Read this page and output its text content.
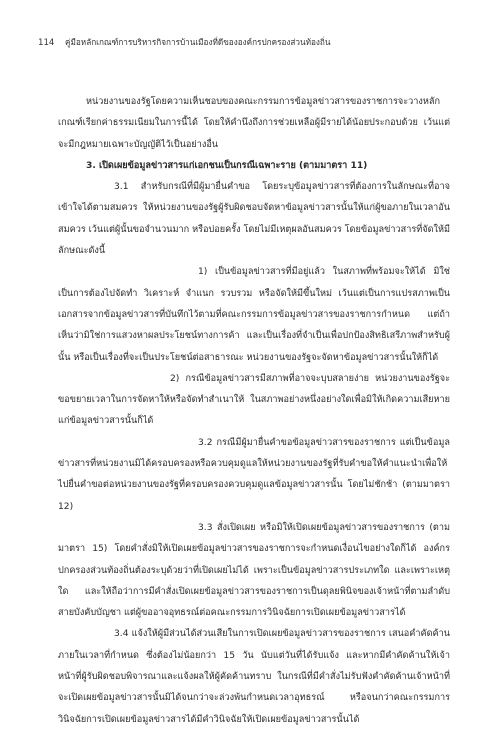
114 คู่มือหลักเกณฑ์การบริหารกิจการบ้านเมืองที่ดีขององค์กรปกครองส่วนท้องถิ่น

หน่วยงานของรัฐโดยความเห็นชอบของคณะกรรมการข้อมูลข่าวสารของราชการจะวางหลักเกณฑ์เรียกค่าธรรมเนียมในการนี้ได้ โดยให้คำนึงถึงการช่วยเหลือผู้มีรายได้น้อยประกอบด้วย เว้นแต่จะมีกฎหมายเฉพาะบัญญัติไว้เป็นอย่างอื่น

3. เปิดเผยข้อมูลข่าวสารแก่เอกชนเป็นกรณีเฉพาะราย (ตามมาตรา 11)

3.1 สำหรับกรณีที่มีผู้มายื่นคำขอ โดยระบุข้อมูลข่าวสารที่ต้องการในลักษณะที่อาจเข้าใจได้ตามสมควร ให้หน่วยงานของรัฐผู้รับผิดชอบจัดหาข้อมูลข่าวสารนั้นให้แก่ผู้ขอภายในเวลาอันสมควร เว้นแต่ผู้นั้นขอจำนวนมาก หรือบ่อยครั้ง โดยไม่มีเหตุผลอันสมควร โดยข้อมูลข่าวสารที่จัดให้มีลักษณะดังนี้

1) เป็นข้อมูลข่าวสารที่มีอยู่แล้ว ในสภาพที่พร้อมจะให้ได้ มิใช่เป็นการต้องไปจัดทำ วิเคราะห์ จำแนก รวบรวม หรือจัดให้มีขึ้นใหม่ เว้นแต่เป็นการแปรสภาพเป็นเอกสารจากข้อมูลข่าวสารที่บันทึกไว้ตามที่คณะกรรมการข้อมูลข่าวสารของราชการกำหนด แต่ถ้าเห็นว่ามิใช่การแสวงหาผลประโยชน์ทางการค้า และเป็นเรื่องที่จำเป็นเพื่อปกป้องสิทธิเสรีภาพสำหรับผู้นั้น หรือเป็นเรื่องที่จะเป็นประโยชน์ต่อสาธารณะ หน่วยงานของรัฐจะจัดหาข้อมูลข่าวสารนั้นให้ก็ได้

2) กรณีข้อมูลข่าวสารมีสภาพที่อาจจะบุบสลายง่าย หน่วยงานของรัฐจะขอขยายเวลาในการจัดหาให้หรือจัดทำสำเนาให้ ในสภาพอย่างหนึ่งอย่างใดเพื่อมิให้เกิดความเสียหายแก่ข้อมูลข่าวสารนั้นก็ได้

3.2 กรณีมีผู้มายื่นคำขอข้อมูลข่าวสารของราชการ แต่เป็นข้อมูลข่าวสารที่หน่วยงานมิได้ครอบครองหรือควบคุมดูแลให้หน่วยงานของรัฐที่รับคำขอให้คำแนะนำเพื่อให้ไปยื่นคำขอต่อหน่วยงานของรัฐที่ครอบครองควบคุมดูแลข้อมูลข่าวสารนั้น โดยไม่ชักช้า (ตามมาตรา 12)

3.3 สั่งเปิดเผย หรือมิให้เปิดเผยข้อมูลข่าวสารของราชการ (ตามมาตรา 15) โดยคำสั่งมิให้เปิดเผยข้อมูลข่าวสารของราชการจะกำหนดเงื่อนไขอย่างใดก็ได้ องค์กรปกครองส่วนท้องถิ่นต้องระบุด้วยว่าที่เปิดเผยไม่ได้ เพราะเป็นข้อมูลข่าวสารประเภทใด และเพราะเหตุใด และให้ถือว่าการมีคำสั่งเปิดเผยข้อมูลข่าวสารของราชการเป็นดุลยพินิจของเจ้าหน้าที่ตามลำดับสายบังคับบัญชา แต่ผู้ขออาจอุทธรณ์ต่อคณะกรรมการวินิจฉัยการเปิดเผยข้อมูลข่าวสารได้

3.4 แจ้งให้ผู้มีส่วนได้ส่วนเสียในการเปิดเผยข้อมูลข่าวสารของราชการ เสนอคำคัดค้านภายในเวลาที่กำหนด ซึ่งต้องไม่น้อยกว่า 15 วัน นับแต่วันที่ได้รับแจ้ง และหากมีคำคัดค้านให้เจ้าหน้าที่ผู้รับผิดชอบพิจารณาและแจ้งผลให้ผู้คัดค้านทราบ ในกรณีที่มีคำสั่งไม่รับฟังคำคัดค้านเจ้าหน้าที่จะเปิดเผยข้อมูลข่าวสารนั้นมิได้จนกว่าจะล่วงพ้นกำหนดเวลาอุทธรณ์ หรือจนกว่าคณะกรรมการวินิจฉัยการเปิดเผยข้อมูลข่าวสารได้มีคำวินิจฉัยให้เปิดเผยข้อมูลข่าวสารนั้นได้
